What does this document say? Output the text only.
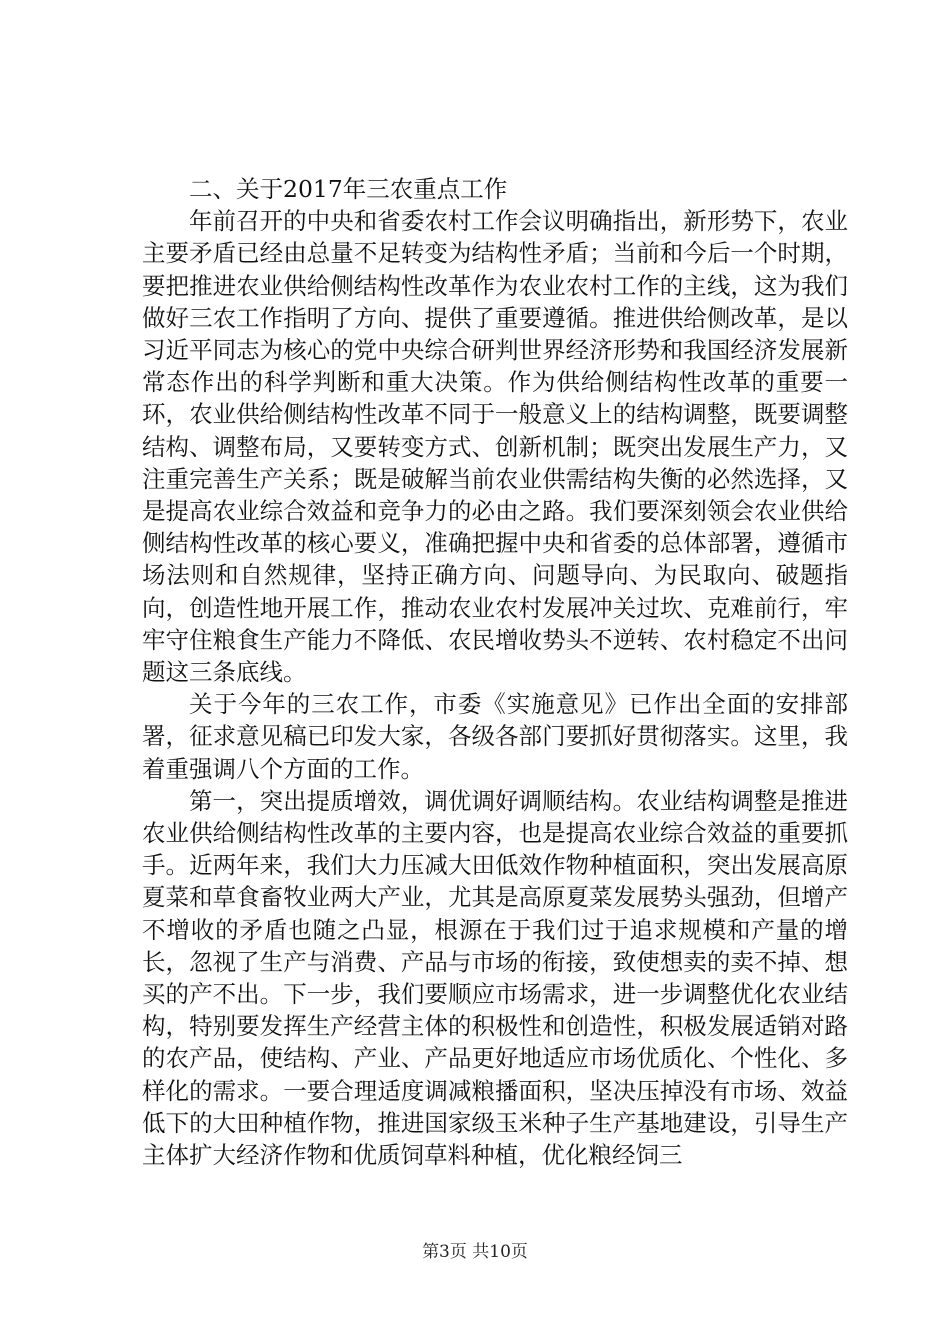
二、关于2017年三农重点工作

年前召开的中央和省委农村工作会议明确指出，新形势下，农业主要矛盾已经由总量不足转变为结构性矛盾；当前和今后一个时期，要把推进农业供给侧结构性改革作为农业农村工作的主线，这为我们做好三农工作指明了方向、提供了重要遵循。推进供给侧改革，是以习近平同志为核心的党中央综合研判世界经济形势和我国经济发展新常态作出的科学判断和重大决策。作为供给侧结构性改革的重要一环，农业供给侧结构性改革不同于一般意义上的结构调整，既要调整结构、调整布局，又要转变方式、创新机制；既突出发展生产力，又注重完善生产关系；既是破解当前农业供需结构失衡的必然选择，又是提高农业综合效益和竞争力的必由之路。我们要深刻领会农业供给侧结构性改革的核心要义，准确把握中央和省委的总体部署，遵循市场法则和自然规律，坚持正确方向、问题导向、为民取向、破题指向，创造性地开展工作，推动农业农村发展冲关过坎、克难前行，牢牢守住粮食生产能力不降低、农民增收势头不逆转、农村稳定不出问题这三条底线。

关于今年的三农工作，市委《实施意见》已作出全面的安排部署，征求意见稿已印发大家，各级各部门要抓好贯彻落实。这里，我着重强调八个方面的工作。

第一，突出提质增效，调优调好调顺结构。农业结构调整是推进农业供给侧结构性改革的主要内容，也是提高农业综合效益的重要抓手。近两年来，我们大力压减大田低效作物种植面积，突出发展高原夏菜和草食畜牧业两大产业，尤其是高原夏菜发展势头强劲，但增产不增收的矛盾也随之凸显，根源在于我们过于追求规模和产量的增长，忽视了生产与消费、产品与市场的衔接，致使想卖的卖不掉、想买的产不出。下一步，我们要顺应市场需求，进一步调整优化农业结构，特别要发挥生产经营主体的积极性和创造性，积极发展适销对路的农产品，使结构、产业、产品更好地适应市场优质化、个性化、多样化的需求。一要合理适度调减粮播面积，坚决压掉没有市场、效益低下的大田种植作物，推进国家级玉米种子生产基地建设，引导生产主体扩大经济作物和优质饲草料种植，优化粮经饲三

第3页 共10页
